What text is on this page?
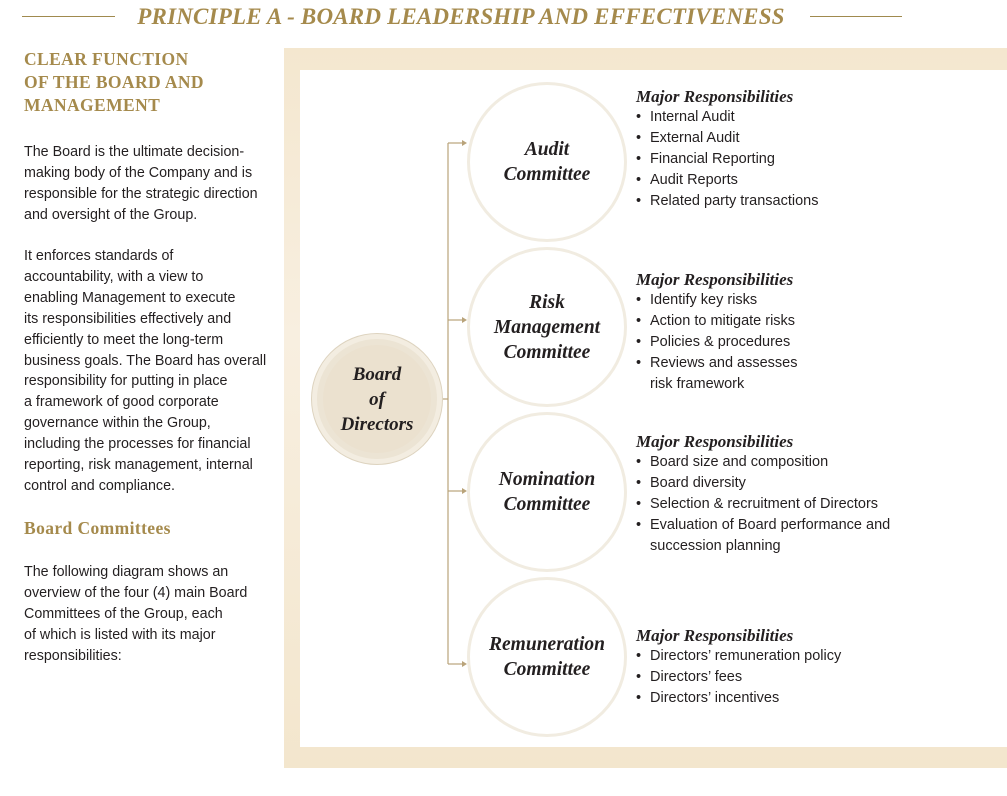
PRINCIPLE A - BOARD LEADERSHIP AND EFFECTIVENESS
CLEAR FUNCTION
OF THE BOARD AND
MANAGEMENT
The Board is the ultimate decision-
making body of the Company and is
responsible for the strategic direction
and oversight of the Group.
It enforces standards of
accountability, with a view to
enabling Management to execute
its responsibilities effectively and
efficiently to meet the long-term
business goals. The Board has overall
responsibility for putting in place
a framework of good corporate
governance within the Group,
including the processes for financial
reporting, risk management, internal
control and compliance.
Board Committees
The following diagram shows an
overview of the four (4) main Board
Committees of the Group, each
of which is listed with its major
responsibilities:
Board
of
Directors
Audit
Committee
Risk
Management
Committee
Nomination
Committee
Remuneration
Committee
Major Responsibilities
• Internal Audit
• External Audit
• Financial Reporting
• Audit Reports
• Related party transactions
Major Responsibilities
• Identify key risks
• Action to mitigate risks
• Policies & procedures
• Reviews and assesses
risk framework
Major Responsibilities
• Board size and composition
• Board diversity
• Selection & recruitment of Directors
• Evaluation of Board performance and
succession planning
Major Responsibilities
• Directors’ remuneration policy
• Directors’ fees
• Directors’ incentives
